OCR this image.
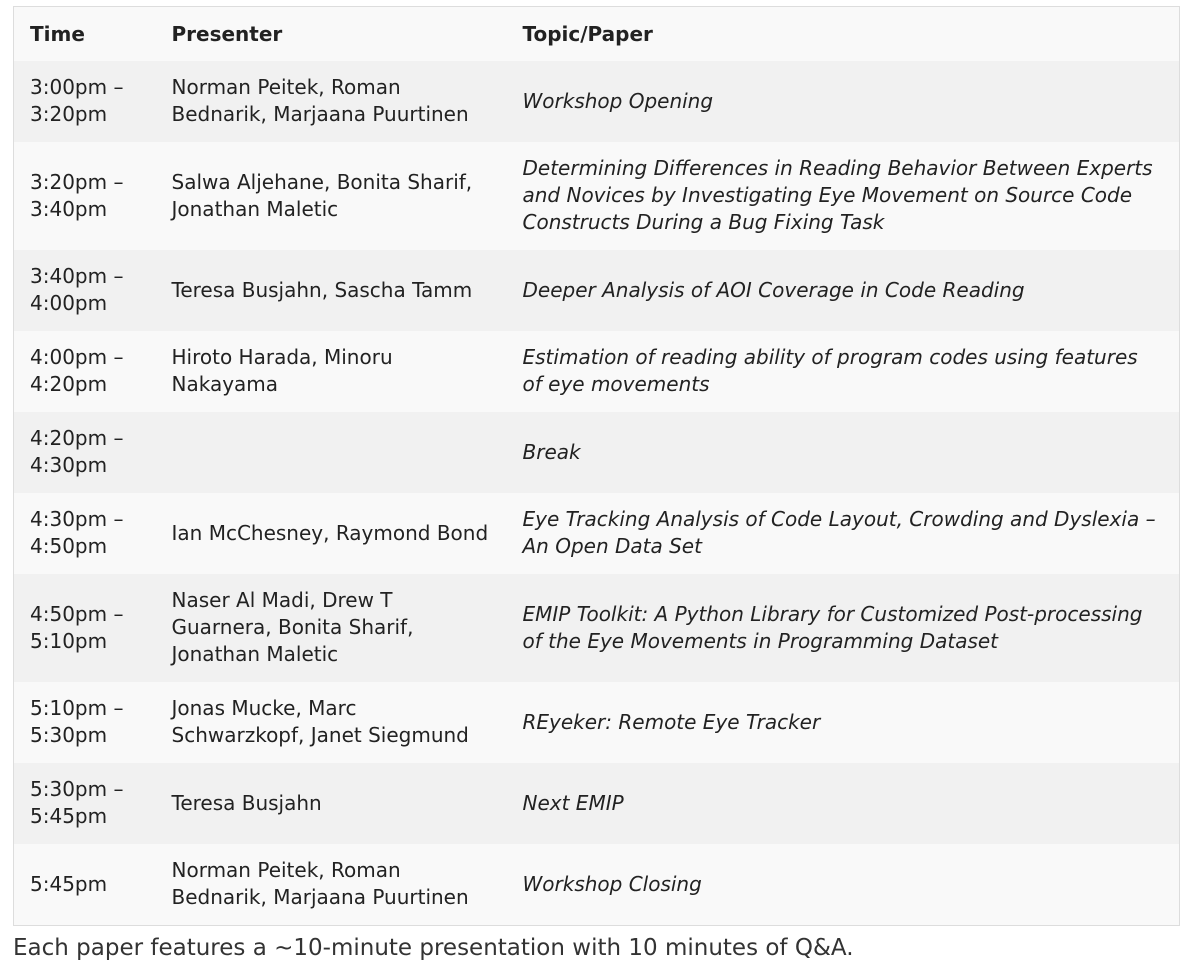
Time	Presenter	Topic/Paper
3:00pm –
3:20pm	Norman Peitek, Roman Bednarik, Marjaana Puurtinen	Workshop Opening
3:20pm –
3:40pm	Salwa Aljehane, Bonita Sharif, Jonathan Maletic	Determining Differences in Reading Behavior Between Experts and Novices by Investigating Eye Movement on Source Code Constructs During a Bug Fixing Task
3:40pm –
4:00pm	Teresa Busjahn, Sascha Tamm	Deeper Analysis of AOI Coverage in Code Reading
4:00pm –
4:20pm	Hiroto Harada, Minoru Nakayama	Estimation of reading ability of program codes using features of eye movements
4:20pm –
4:30pm		Break
4:30pm –
4:50pm	Ian McChesney, Raymond Bond	Eye Tracking Analysis of Code Layout, Crowding and Dyslexia – An Open Data Set
4:50pm –
5:10pm	Naser Al Madi, Drew T Guarnera, Bonita Sharif, Jonathan Maletic	EMIP Toolkit: A Python Library for Customized Post-processing of the Eye Movements in Programming Dataset
5:10pm –
5:30pm	Jonas Mucke, Marc Schwarzkopf, Janet Siegmund	REyeker: Remote Eye Tracker
5:30pm –
5:45pm	Teresa Busjahn	Next EMIP
5:45pm	Norman Peitek, Roman Bednarik, Marjaana Puurtinen	Workshop Closing

Each paper features a ~10-minute presentation with 10 minutes of Q&A.
